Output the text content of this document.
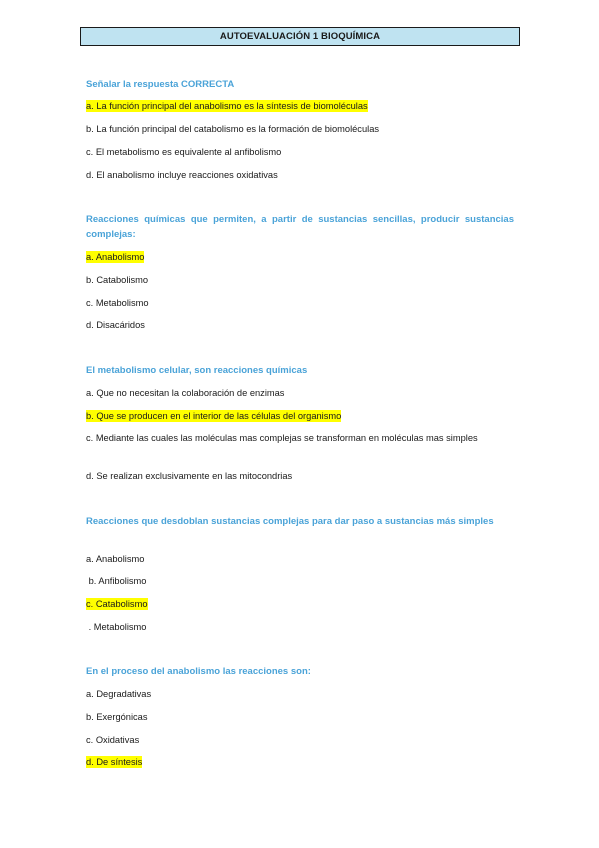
AUTOEVALUACIÓN 1 BIOQUÍMICA
Señalar la respuesta CORRECTA
a. La función principal del anabolismo es la síntesis de biomoléculas
b. La función principal del catabolismo es la formación de biomoléculas
c. El metabolismo es equivalente al anfibolismo
d. El anabolismo incluye reacciones oxidativas
Reacciones químicas que permiten, a partir de sustancias sencillas, producir sustancias complejas:
a. Anabolismo
b. Catabolismo
c. Metabolismo
d. Disacáridos
El metabolismo celular, son reacciones químicas
a. Que no necesitan la colaboración de enzimas
b. Que se producen en el interior de las células del organismo
c. Mediante las cuales las moléculas mas complejas se transforman en moléculas mas simples
d. Se realizan exclusivamente en las mitocondrias
Reacciones que desdoblan sustancias complejas para dar paso a sustancias más simples
a. Anabolismo
b. Anfibolismo
c. Catabolismo
. Metabolismo
En el proceso del anabolismo las reacciones son:
a. Degradativas
b. Exergónicas
c. Oxidativas
d. De síntesis
